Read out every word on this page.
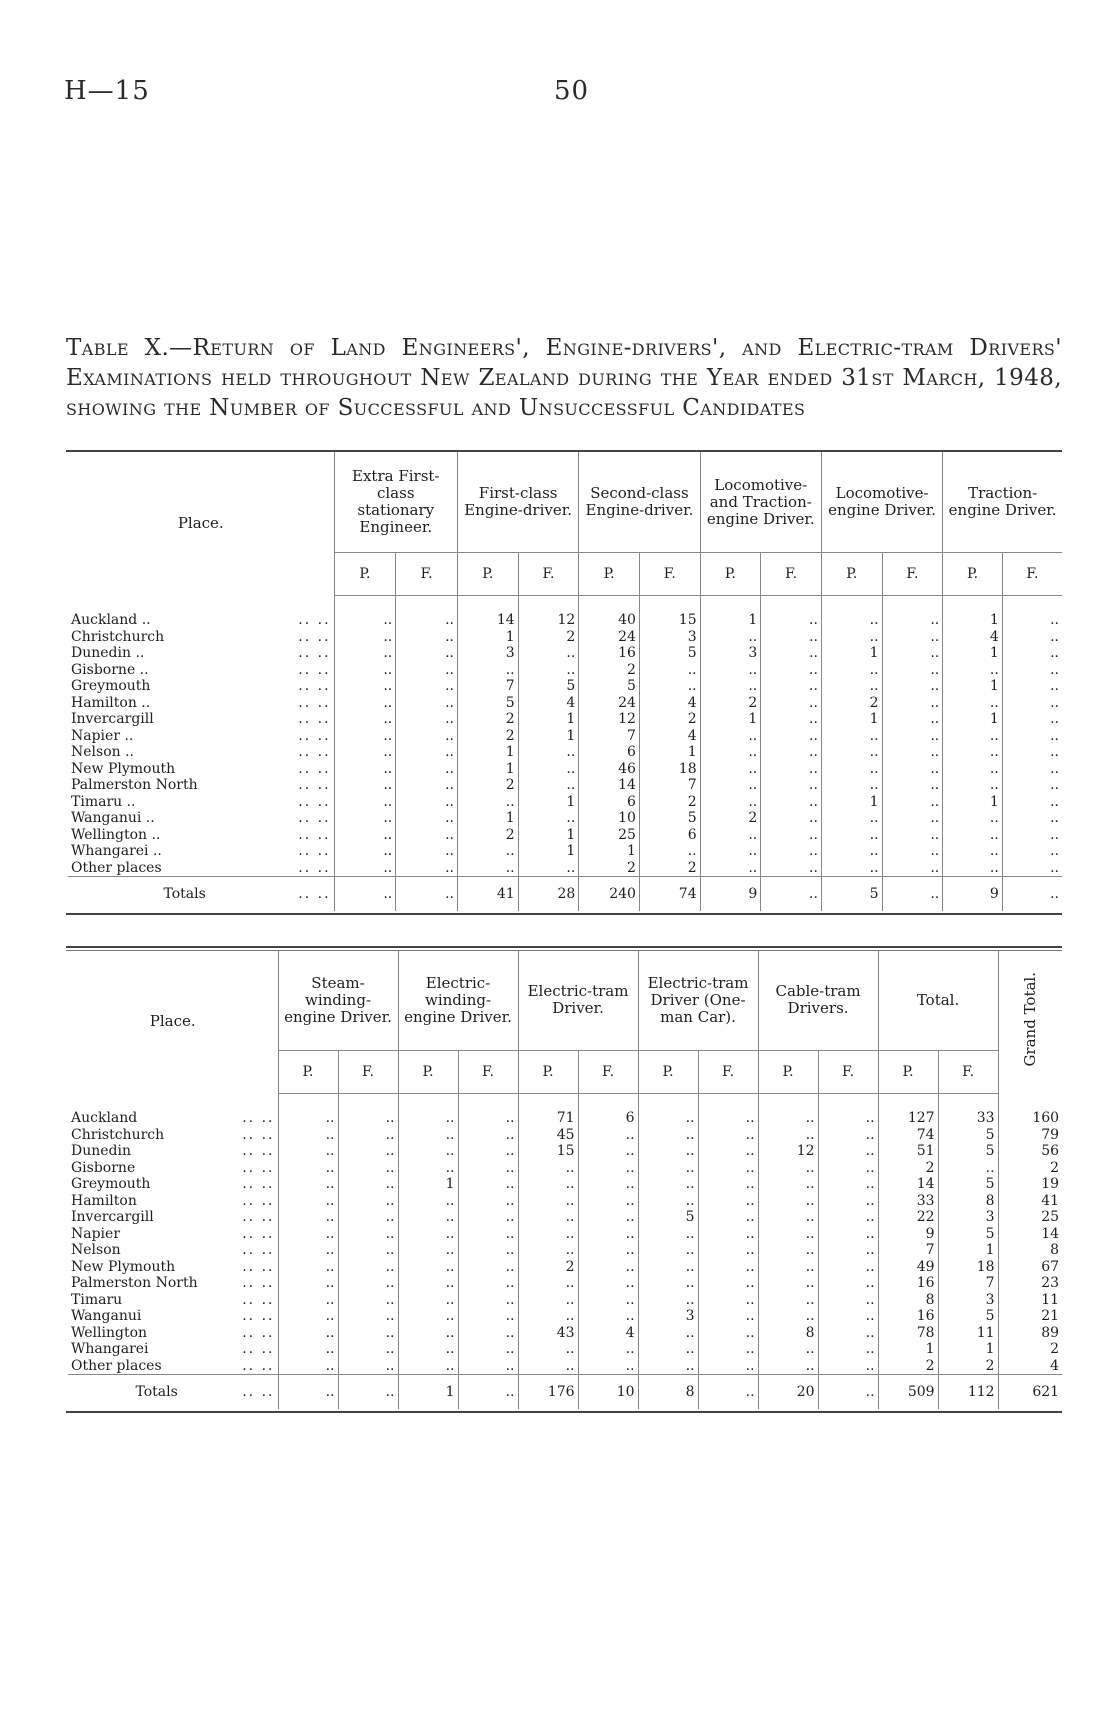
H—15	50
Table X.—Return of Land Engineers', Engine-drivers', and Electric-tram Drivers' Examinations held throughout New Zealand during the Year ended 31st March, 1948, showing the Number of Successful and Unsuccessful Candidates
Place.	Extra First-class stationary Engineer.		First-class Engine-driver.		Second-class Engine-driver.		Locomotive- and Traction-engine Driver.		Locomotive-engine Driver.		Traction-engine Driver.	
	P.	F.	P.	F.	P.	F.	P.	F.	P.	F.	P.	F.

Auckland .. .. ..	..	..	14	12	40	15	1	..	..	..	1	..
Christchurch .. ..	..	..	1	2	24	3	..	..	..	..	4	..
Dunedin .. .. ..	..	..	3	..	16	5	3	..	1	..	1	..
Gisborne .. .. ..	..	..	..	..	2	..	..	..	..	..	..	..
Greymouth .. ..	..	..	7	5	5	..	..	..	..	..	1	..
Hamilton .. .. ..	..	..	5	4	24	4	2	..	2	..	..	..
Invercargill .. ..	..	..	2	1	12	2	1	..	1	..	1	..
Napier .. .. ..	..	..	2	1	7	4	..	..	..	..	..	..
Nelson .. .. ..	..	..	1	..	6	1	..	..	..	..	..	..
New Plymouth .. ..	..	..	1	..	46	18	..	..	..	..	..	..
Palmerston North .. ..	..	..	2	..	14	7	..	..	..	..	..	..
Timaru .. .. ..	..	..	..	1	6	2	..	..	1	..	1	..
Wanganui .. .. ..	..	..	1	..	10	5	2	..	..	..	..	..
Wellington .. .. ..	..	..	2	1	25	6	..	..	..	..	..	..
Whangarei .. .. ..	..	..	..	1	1	..	..	..	..	..	..	..
Other places .. ..	..	..	..	..	2	2	..	..	..	..	..	..
Totals .. ..	..	..	41	28	240	74	9	..	5	..	9	..
Place.	Steam-winding-engine Driver.		Electric-winding-engine Driver.		Electric-tram Driver.		Electric-tram Driver (One-man Car).		Cable-tram Drivers.		Total.		Grand Total.
	P.	F.	P.	F.	P.	F.	P.	F.	P.	F.	P.	F.	

Auckland .. ..	..	..	..	..	71	6	..	..	..	..	127	33	160
Christchurch .. ..	..	..	..	..	45	..	..	..	..	..	74	5	79
Dunedin .. ..	..	..	..	..	15	..	..	..	12	..	51	5	56
Gisborne .. ..	..	..	..	..	..	..	..	..	..	..	2	..	2
Greymouth .. ..	..	..	1	..	..	..	..	..	..	..	14	5	19
Hamilton .. ..	..	..	..	..	..	..	..	..	..	..	33	8	41
Invercargill .. ..	..	..	..	..	..	..	5	..	..	..	22	3	25
Napier .. ..	..	..	..	..	..	..	..	..	..	..	9	5	14
Nelson .. ..	..	..	..	..	..	..	..	..	..	..	7	1	8
New Plymouth .. ..	..	..	..	..	2	..	..	..	..	..	49	18	67
Palmerston North .. ..	..	..	..	..	..	..	..	..	..	..	16	7	23
Timaru .. ..	..	..	..	..	..	..	..	..	..	..	8	3	11
Wanganui .. ..	..	..	..	..	..	..	3	..	..	..	16	5	21
Wellington .. ..	..	..	..	..	43	4	..	..	8	..	78	11	89
Whangarei .. ..	..	..	..	..	..	..	..	..	..	..	1	1	2
Other places .. ..	..	..	..	..	..	..	..	..	..	..	2	2	4
Totals .. ..	..	..	1	..	176	10	8	..	20	..	509	112	621
